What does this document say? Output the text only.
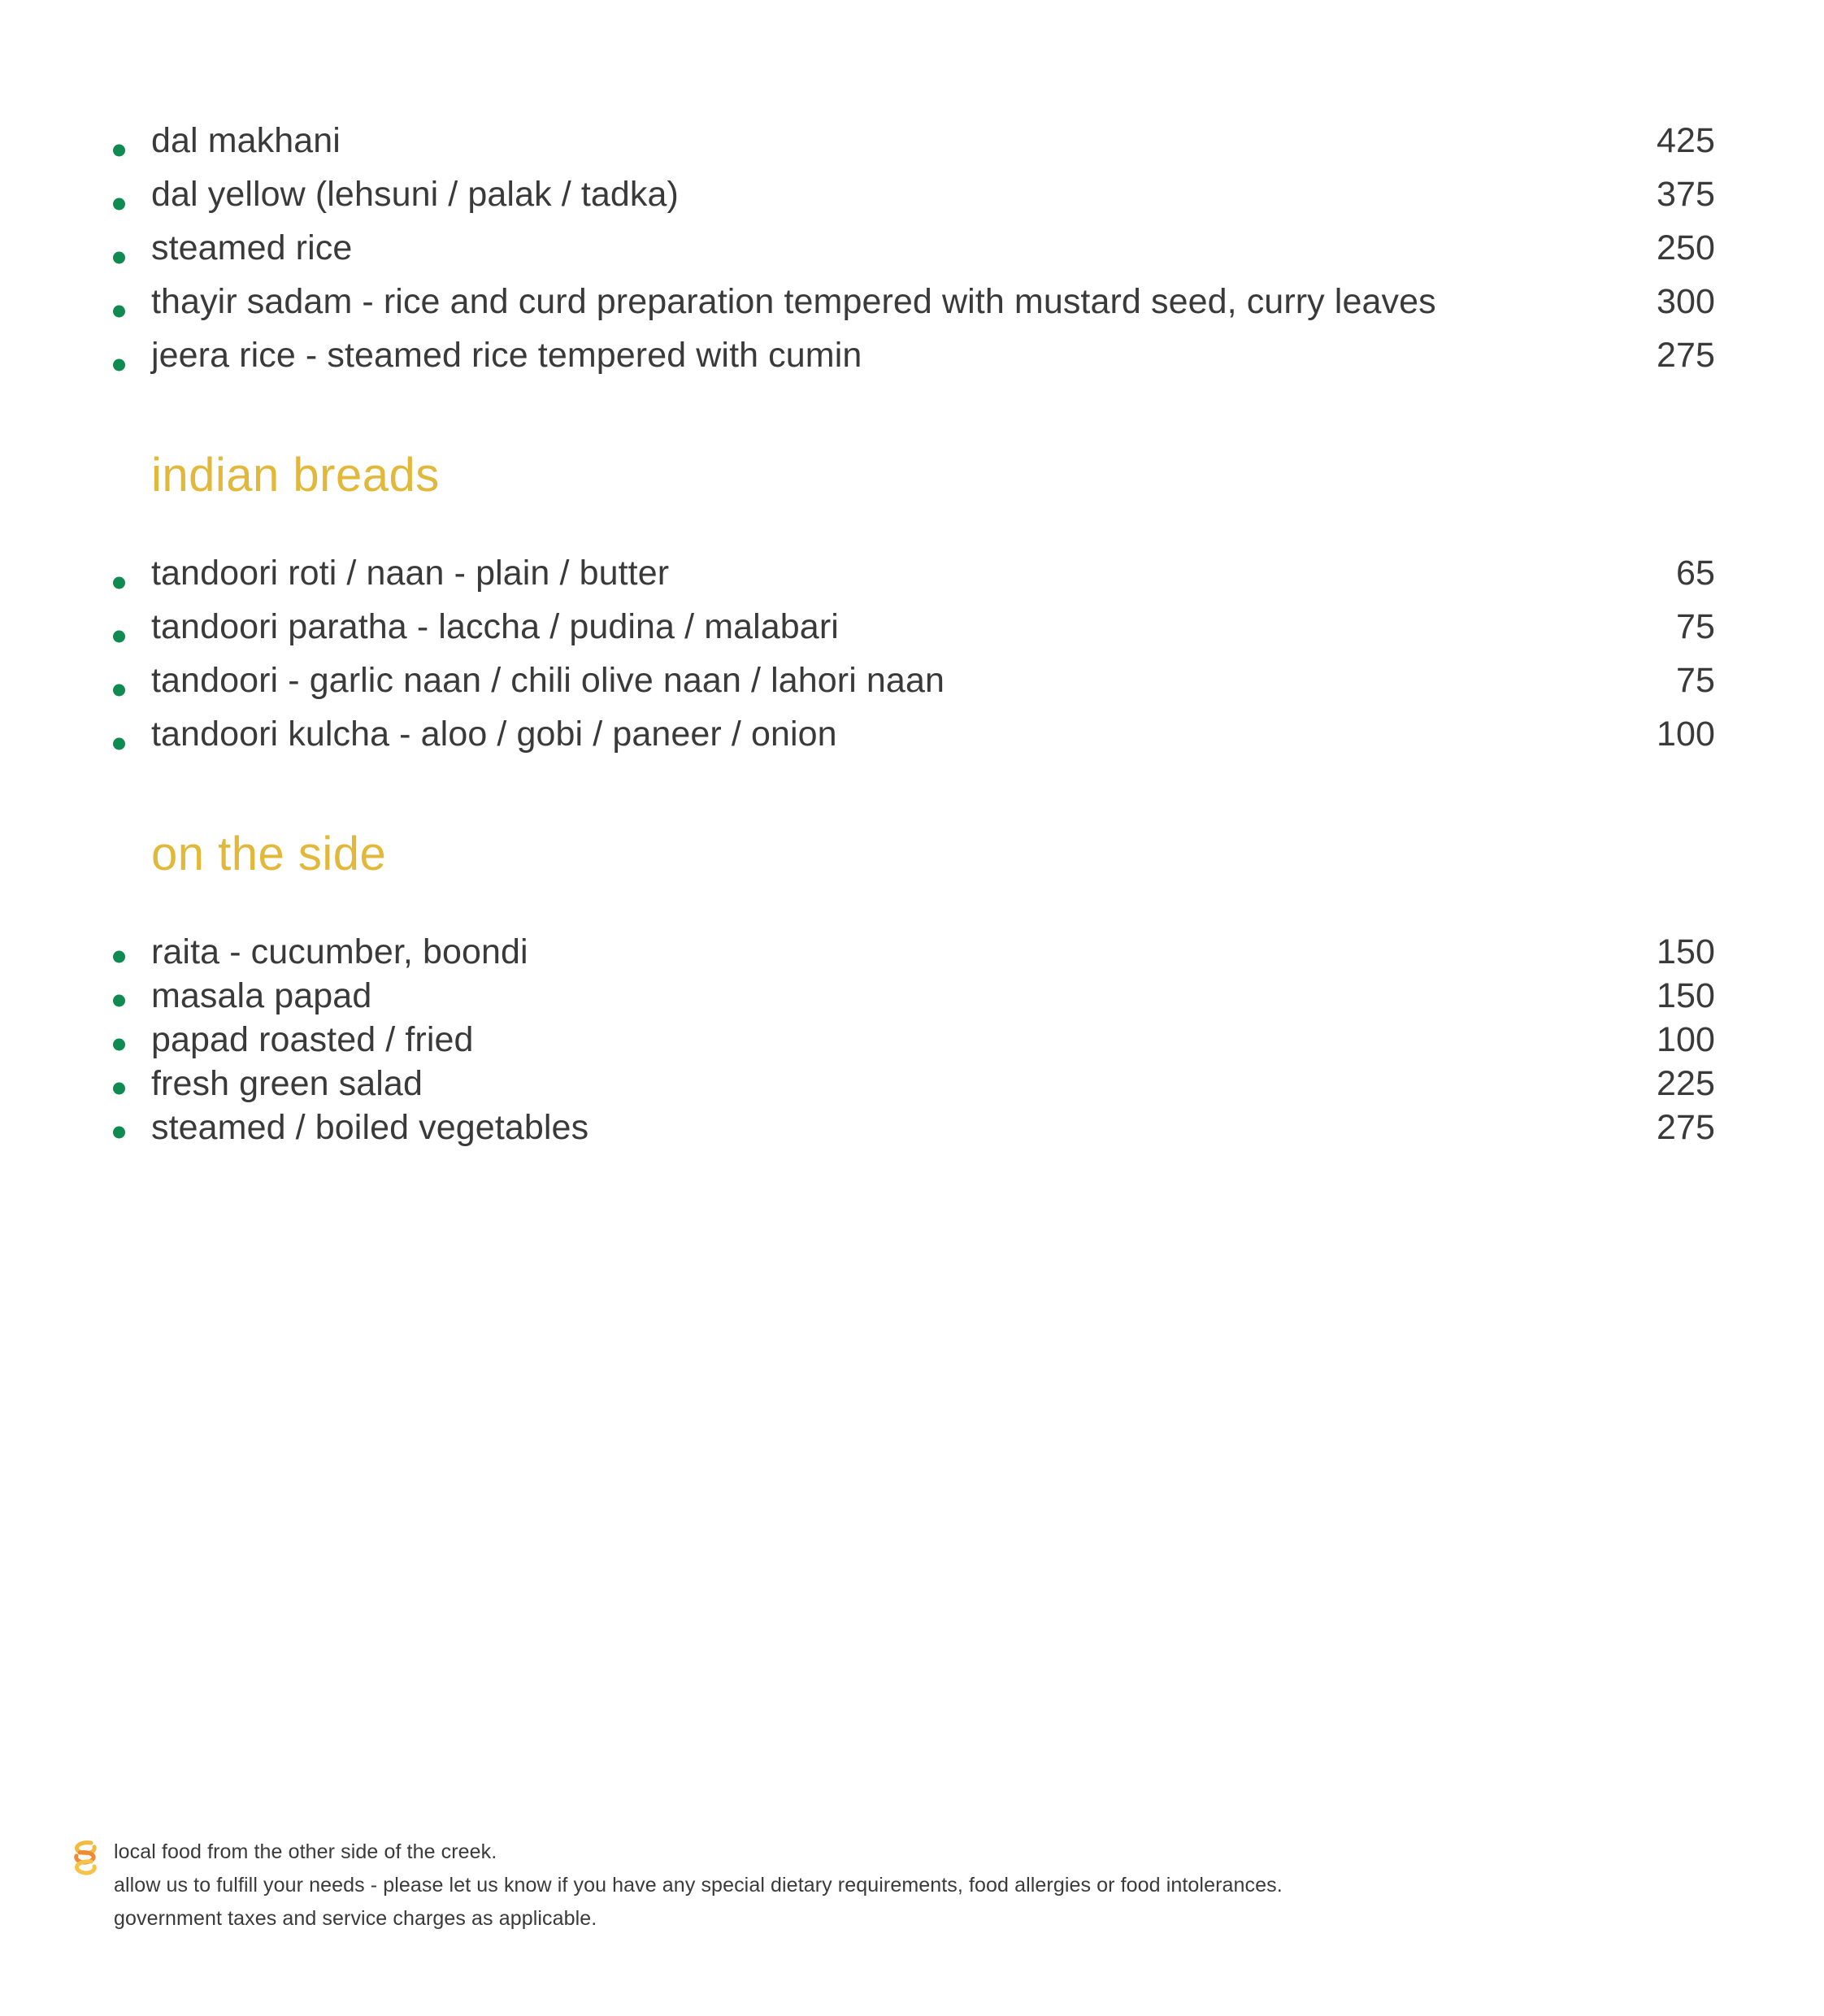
dal makhani	425
dal yellow (lehsuni / palak / tadka)	375
steamed rice	250
thayir sadam - rice and curd preparation tempered with mustard seed, curry leaves	300
jeera rice - steamed rice tempered with cumin	275
indian breads
tandoori roti / naan - plain / butter	65
tandoori paratha - laccha / pudina / malabari	75
tandoori - garlic naan / chili olive naan / lahori naan	75
tandoori kulcha - aloo / gobi / paneer / onion	100
on the side
raita - cucumber, boondi	150
masala papad	150
papad roasted / fried	100
fresh green salad	225
steamed / boiled vegetables	275
local food from the other side of the creek.
allow us to fulfill your needs - please let us know if you have any special dietary requirements, food allergies or food intolerances.
government taxes and service charges as applicable.
